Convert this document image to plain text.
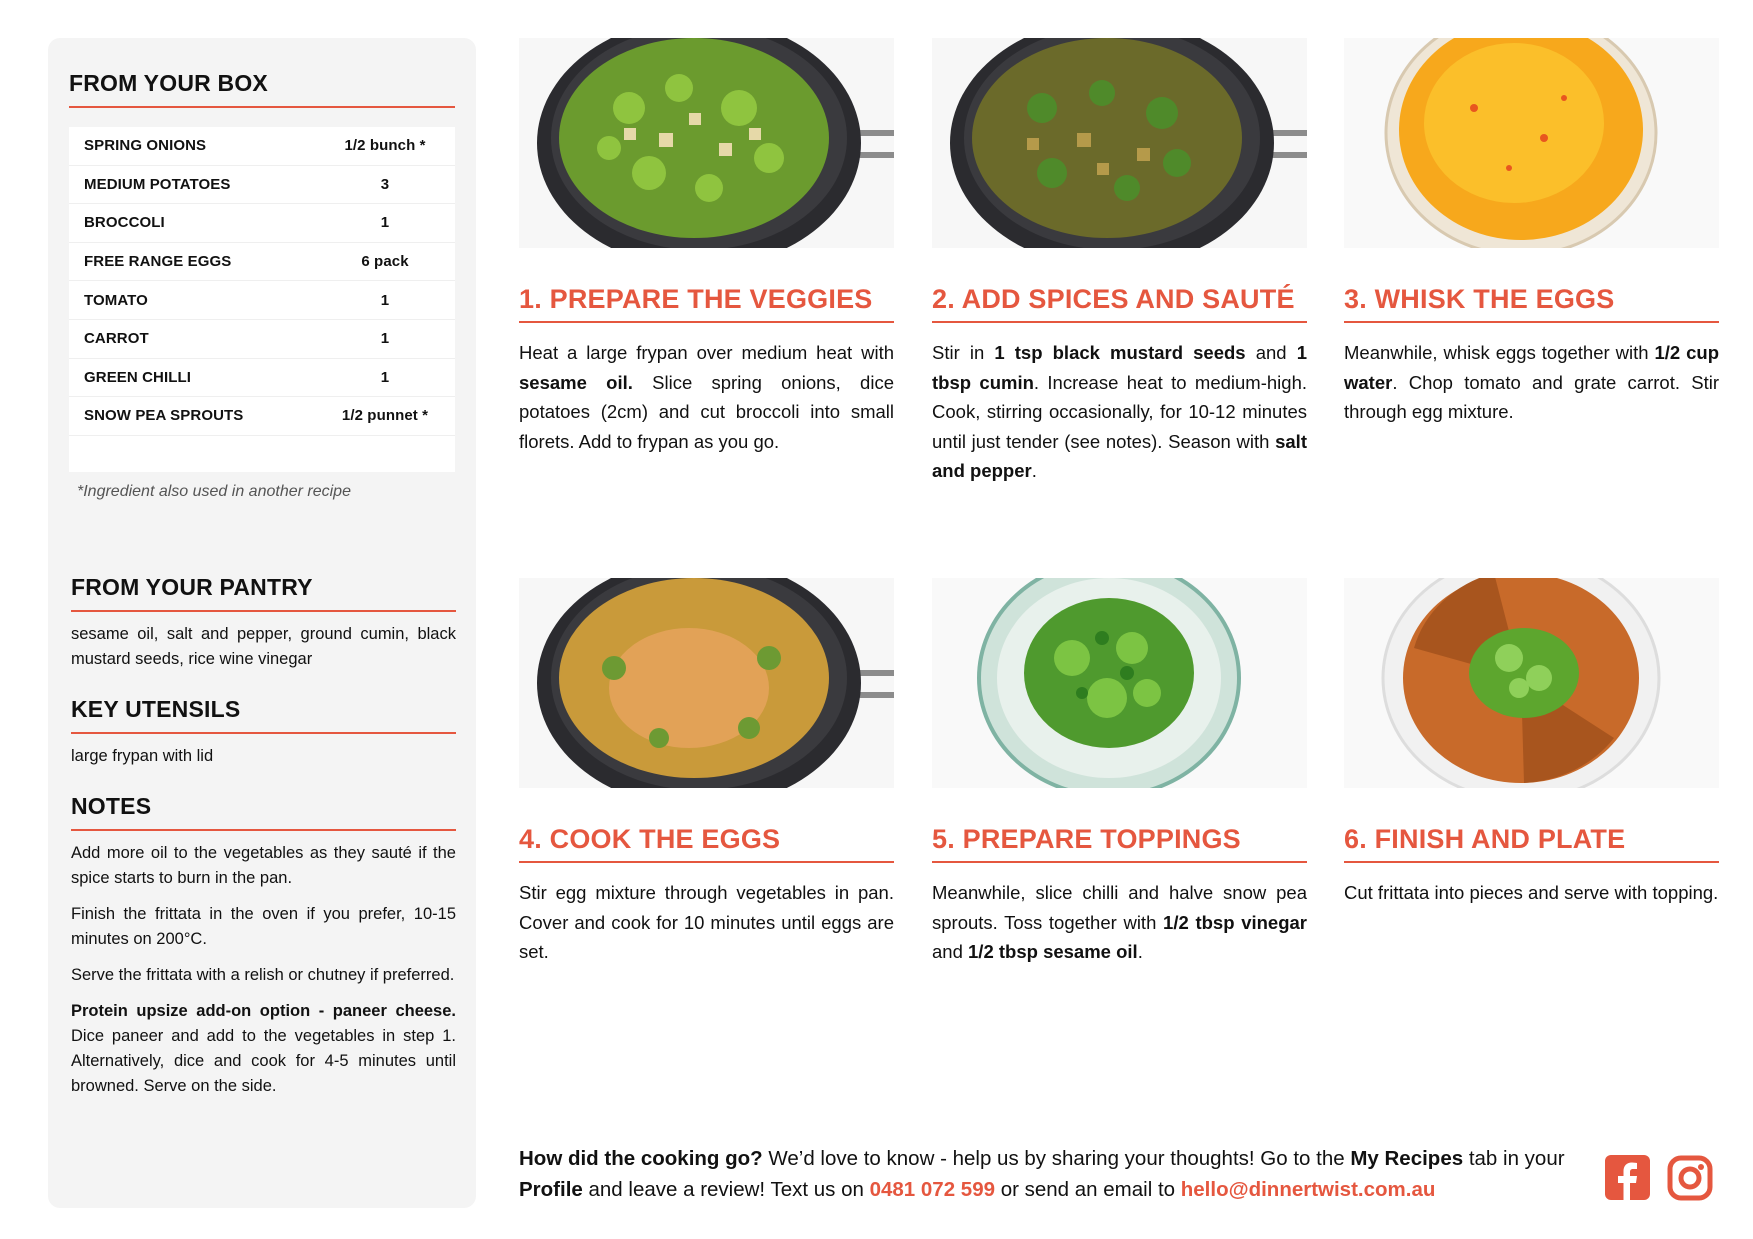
FROM YOUR BOX
SPRING ONIONS	1/2 bunch *
MEDIUM POTATOES	3
BROCCOLI	1
FREE RANGE EGGS	6 pack
TOMATO	1
CARROT	1
GREEN CHILLI	1
SNOW PEA SPROUTS	1/2 punnet *
*Ingredient also used in another recipe
FROM YOUR PANTRY

sesame oil, salt and pepper, ground cumin, black mustard seeds, rice wine vinegar

KEY UTENSILS

large frypan with lid

NOTES

Add more oil to the vegetables as they sauté if the spice starts to burn in the pan.

Finish the frittata in the oven if you prefer, 10-15 minutes on 200°C.

Serve the frittata with a relish or chutney if preferred.

Protein upsize add-on option - paneer cheese. Dice paneer and add to the vegetables in step 1. Alternatively, dice and cook for 4-5 minutes until browned. Serve on the side.

1. PREPARE THE VEGGIES

Heat a large frypan over medium heat with sesame oil. Slice spring onions, dice potatoes (2cm) and cut broccoli into small florets. Add to frypan as you go.

2. ADD SPICES AND SAUTÉ

Stir in 1 tsp black mustard seeds and 1 tbsp cumin. Increase heat to medium-high. Cook, stirring occasionally, for 10-12 minutes until just tender (see notes). Season with salt and pepper.

3. WHISK THE EGGS

Meanwhile, whisk eggs together with 1/2 cup water. Chop tomato and grate carrot. Stir through egg mixture.

4. COOK THE EGGS

Stir egg mixture through vegetables in pan. Cover and cook for 10 minutes until eggs are set.

5. PREPARE TOPPINGS

Meanwhile, slice chilli and halve snow pea sprouts. Toss together with 1/2 tbsp vinegar and 1/2 tbsp sesame oil.

6. FINISH AND PLATE

Cut frittata into pieces and serve with topping.

How did the cooking go? We’d love to know - help us by sharing your thoughts! Go to the My Recipes tab in your Profile and leave a review! Text us on 0481 072 599 or send an email to hello@dinnertwist.com.au
